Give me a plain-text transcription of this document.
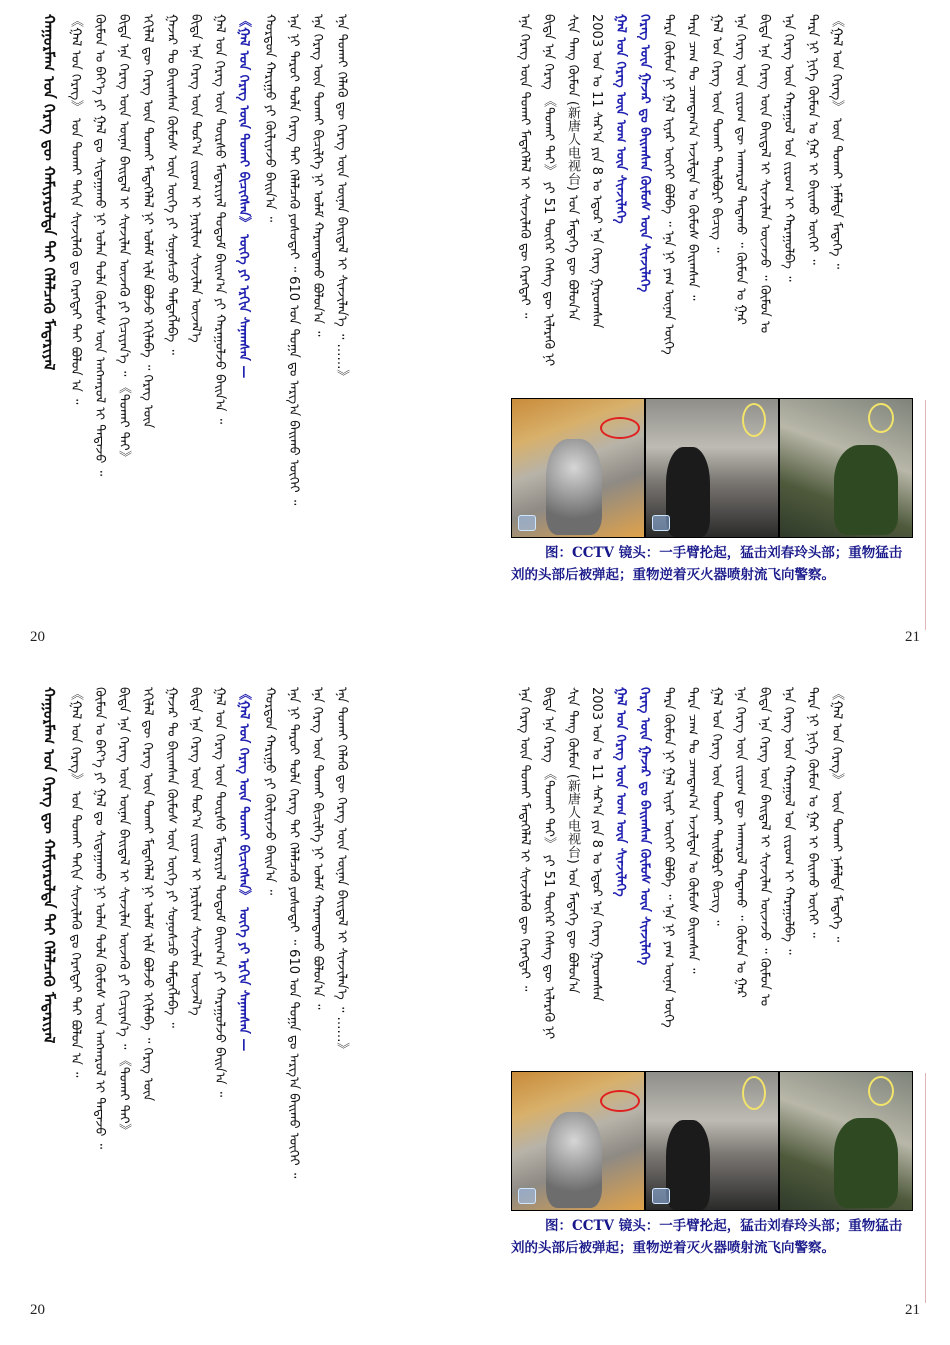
ᠬᠠᠭᠤᠷᠮᠠᠭ ᠤᠨ ᠬᠡᠷᠡᠭ ᠳᠦ ᠬᠠᠮᠢᠶᠠᠷᠤᠯᠲᠠ ᠲᠠᠢ ᠬᠡᠯᠡᠯᠴᠡᠬᠦ ᠮᠠᠲᠠᠷᠢᠶᠠᠯ 《ᠭᠠᠯ ᠤᠨ ᠬᠡᠷᠡᠭ》 ᠤᠨ ᠲᠤᠬᠠᠢ ᠳᠠᠬᠢᠨ ᠰᠢᠨᠵᠢᠯᠡᠬᠦ ᠳᠤ ᠬᠡᠷᠡᠭᠲᠡᠢ ᠲᠠᠢ ᠪᠤᠯᠤᠨ ᠠ ᠃ ᠬᠦᠮᠦᠨ ᠤ ᠪᠡᠶ᠎ᠡ ᠶᠢ ᠭᠠᠯ ᠳᠤ ᠰᠢᠲᠠᠭᠠᠬᠤ ᠨᠢ ᠣᠯᠠᠨ ᠲᠤᠯᠠ ᠬᠦᠮᠦᠰ ᠦᠨ ᠠᠩᠬᠠᠷᠤᠯ ᠢ ᠲᠠᠲᠠᠵᠤ ᠃ ᠪᠢᠳᠡ ᠡᠨᠡ ᠬᠡᠷᠡᠭ ᠦᠨ ᠦᠨᠡᠨ ᠪᠠᠢᠳᠠᠯ ᠢ ᠰᠢᠨᠵᠢᠯᠡᠨ ᠦᠵᠡᠬᠦ ᠶᠢ ᠬᠢᠴᠢᠶᠡᠨ᠎ᠡ ᠃ 《ᠲᠤᠬᠠᠢ ᠲᠠᠢ》 ᠡᠬᠢᠯᠡᠯ ᠳᠦ ᠬᠡᠷᠡᠭ ᠦᠨ ᠲᠤᠬᠠᠢ ᠮᠡᠳᠡᠭᠡᠯᠡᠯ ᠨᠢ ᠤᠯᠠᠮ ᠢᠯᠡ ᠪᠣᠯᠵᠤ ᠡᠬᠢᠯᠡᠪᠡ ᠃ ᠬᠡᠷᠡᠭ ᠦᠨ ᠭᠠᠵᠠᠷ ᠲᠤ ᠪᠠᠢᠭᠰᠠᠨ ᠬᠦᠮᠦᠰ ᠦᠨ ᠦᠭᠡ ᠶᠢ ᠰᠣᠨᠣᠰᠴᠤ ᠲᠡᠮᠳᠡᠭᠯᠡᠪᠡ ᠃ ᠪᠢᠳᠡ ᠡᠨᠡ ᠬᠡᠷᠡᠭ ᠦᠨ ᠳᠤᠷ᠎ᠠ ᠵᠢᠷᠤᠭ ᠢ ᠨᠠᠷᠢᠯᠢᠭ ᠰᠢᠨᠵᠢᠯᠡᠨ ᠦᠵᠡᠯ᠎ᠡ ᠭᠠᠯ ᠤᠨ ᠬᠡᠷᠡᠭ ᠦᠨ ᠳᠦᠷᠰᠦ ᠮᠠᠲᠠᠷᠢᠶᠠᠯ ᠳᠤᠲᠤᠮ ᠪᠠᠢᠭ᠎ᠠ ᠶᠢ ᠬᠠᠷᠠᠭᠤᠯᠵᠤ ᠪᠠᠢᠨ᠎ᠠ ᠃ 《ᠭᠠᠯ ᠤᠨ ᠬᠡᠷᠡᠭ ᠦᠨ ᠲᠤᠬᠠᠢ ᠪᠢᠴᠢᠭᠰᠡᠨ》 ᠦᠭᠡ ᠶᠢ ᠡᠷᠭᠢᠨ ᠰᠠᠨᠠᠭᠰᠠᠨ — ᠬᠤᠷᠳᠤᠨ ᠬᠠᠷᠢᠭᠤ ᠶᠢ ᠬᠦᠯᠢᠶᠡᠵᠦ ᠪᠠᠢᠨ᠎ᠠ ᠃ ᠡᠨᠡ ᠨᠢ ᠳᠠᠷᠤᠢ ᠲᠤᠯᠠ ᠬᠡᠷᠡᠭ ᠲᠡᠢ ᠬᠡᠯᠡᠯᠴᠡᠬᠦ ᠶᠤᠰᠤᠲᠠᠢ ᠃ 610 ᠤᠨ ᠲᠣᠭᠠ ᠳᠤ ᠠᠷᠭ᠎ᠠ ᠪᠠᠢᠬᠤ ᠦᠭᠡᠢ ᠃ ᠡᠨᠡ ᠬᠡᠷᠡᠭ ᠦᠨ ᠲᠤᠬᠠᠢ ᠪᠢᠴᠢᠯᠭᠡ ᠨᠢ ᠤᠯᠠᠮ ᠬᠠᠷᠠᠭᠳᠠᠬᠤ ᠪᠣᠯᠤᠨ᠎ᠠ ᠃ ᠡᠨᠡ ᠲᠤᠬᠠᠢ ᠬᠡᠯᠡᠬᠦ ᠳᠦ ᠬᠡᠷᠡᠭ ᠦᠨ ᠦᠨᠡᠨ ᠪᠠᠢᠳᠠᠯ ᠢ ᠰᠢᠨᠵᠢᠯᠡᠨ᠎ᠡ ᠃ ……》
20
ᠡᠨᠡ ᠬᠡᠷᠡᠭ ᠦᠨ ᠲᠤᠬᠠᠢ ᠮᠡᠳᠡᠭᠡᠯᠡᠯ ᠢ ᠰᠢᠨᠵᠢᠯᠡᠬᠦ ᠳᠦ ᠬᠡᠷᠡᠭᠲᠡᠢ ᠃ ᠪᠢᠳᠡ ᠡᠨᠡ ᠬᠡᠷᠡᠭ 《ᠲᠤᠬᠠᠢ ᠲᠠᠢ》 ᠶᠢ 51 ᠳᠦᠭᠡᠷ ᠬᠡᠰᠡᠭ ᠳᠦ ᠢᠯᠡᠷᠡᠬᠦ ᠨᠢ ᠰᠢᠨ ᠲᠠᠩ ᠬᠦᠮᠦᠨ (新唐人电视台) ᠤᠨ ᠮᠡᠳᠡᠭᠡ ᠳᠦ ᠪᠣᠯᠤᠨ᠎ᠠ 2003 ᠣᠨ ᠤ 11 ᠰᠠᠷ᠎ᠠ ᠶᠢᠨ 8 ᠤ ᠡᠳᠦᠷ ᠡᠨᠡ ᠬᠡᠷᠡᠭ ᠭᠠᠷᠤᠭᠰᠠᠨ ᠭᠠᠯ ᠤᠨ ᠬᠡᠷᠡᠭ ᠦᠨ ᠤᠭ ᠦᠨ ᠰᠢᠨᠵᠢᠯᠡᠭᠡ ᠬᠡᠷᠡᠭ ᠦᠨ ᠭᠠᠵᠠᠷ ᠳᠤ ᠪᠠᠢᠭᠰᠠᠨ ᠬᠦᠮᠦᠰ ᠦᠨ ᠰᠢᠨᠵᠢᠯᠡᠭᠡ ᠲᠡᠷᠡ ᠬᠦᠮᠦᠨ ᠨᠢ ᠭᠠᠯ ᠢᠶᠠᠷ ᠦᠭᠡᠢ ᠪᠣᠯᠪᠠ ᠃ ᠡᠨᠡ ᠨᠢ ᠶᠠᠭ ᠦᠨᠡᠨ ᠦᠭᠡ ᠲᠡᠷᠡ ᠴᠠᠭ ᠲᠤ ᠴᠠᠭᠳᠠᠭ᠎ᠠ ᠠᠵᠢᠯᠳᠠᠨ ᠤ ᠬᠦᠮᠦᠰ ᠪᠠᠢᠭᠰᠠᠨ ᠃ ᠭᠠᠯ ᠤᠨ ᠬᠡᠷᠡᠭ ᠦᠨ ᠲᠤᠬᠠᠢ ᠲᠠᠢᠯᠪᠤᠷᠢ ᠪᠢᠴᠢᠭ ᠃ ᠡᠨᠡ ᠬᠡᠷᠡᠭ ᠦᠨ ᠵᠢᠷᠤᠭ ᠳᠦ ᠠᠨᠬᠠᠷᠤᠯ ᠲᠠᠲᠠᠬᠤ ᠃ ᠬᠦᠮᠦᠨ ᠤ ᠭᠠᠷ ᠪᠢᠳᠡ ᠡᠨᠡ ᠬᠡᠷᠡᠭ ᠦᠨ ᠪᠠᠢᠳᠠᠯ ᠢ ᠰᠢᠨᠵᠢᠯᠡᠨ ᠦᠵᠡᠵᠦ ᠃ ᠬᠦᠮᠦᠨ ᠤ ᠡᠨᠡ ᠬᠡᠷᠡᠭ ᠦᠨ ᠬᠠᠷᠠᠭᠤᠯ ᠤᠨ ᠵᠢᠷᠤᠭ ᠢ ᠬᠠᠷᠠᠭᠤᠯᠪᠠ ᠃ ᠲᠡᠷᠡ ᠨᠢ ᠨᠢᠭᠡ ᠬᠦᠮᠦᠨ ᠤ ᠭᠠᠷ ᠢ ᠪᠠᠢᠬᠤ ᠦᠭᠡᠢ ᠃ 《ᠭᠠᠯ ᠤᠨ ᠬᠡᠷᠡᠭ》 ᠦᠨ ᠲᠤᠬᠠᠢ ᠨᠡᠮᠡᠯᠲᠡ ᠮᠡᠳᠡᠭᠡ ᠃
图：CCTV 镜头：一手臂抡起，猛击刘春玲头部；重物猛击刘的头部后被弹起；重物逆着灭火器喷射流飞向警察。
21
ᠬᠠᠭᠤᠷᠮᠠᠭ ᠤᠨ ᠬᠡᠷᠡᠭ ᠳᠦ ᠬᠠᠮᠢᠶᠠᠷᠤᠯᠲᠠ ᠲᠠᠢ ᠬᠡᠯᠡᠯᠴᠡᠬᠦ ᠮᠠᠲᠠᠷᠢᠶᠠᠯ 《ᠭᠠᠯ ᠤᠨ ᠬᠡᠷᠡᠭ》 ᠤᠨ ᠲᠤᠬᠠᠢ ᠳᠠᠬᠢᠨ ᠰᠢᠨᠵᠢᠯᠡᠬᠦ ᠳᠤ ᠬᠡᠷᠡᠭᠲᠡᠢ ᠲᠠᠢ ᠪᠤᠯᠤᠨ ᠠ ᠃ ᠬᠦᠮᠦᠨ ᠤ ᠪᠡᠶ᠎ᠡ ᠶᠢ ᠭᠠᠯ ᠳᠤ ᠰᠢᠲᠠᠭᠠᠬᠤ ᠨᠢ ᠣᠯᠠᠨ ᠲᠤᠯᠠ ᠬᠦᠮᠦᠰ ᠦᠨ ᠠᠩᠬᠠᠷᠤᠯ ᠢ ᠲᠠᠲᠠᠵᠤ ᠃ ᠪᠢᠳᠡ ᠡᠨᠡ ᠬᠡᠷᠡᠭ ᠦᠨ ᠦᠨᠡᠨ ᠪᠠᠢᠳᠠᠯ ᠢ ᠰᠢᠨᠵᠢᠯᠡᠨ ᠦᠵᠡᠬᠦ ᠶᠢ ᠬᠢᠴᠢᠶᠡᠨ᠎ᠡ ᠃ 《ᠲᠤᠬᠠᠢ ᠲᠠᠢ》 ᠡᠬᠢᠯᠡᠯ ᠳᠦ ᠬᠡᠷᠡᠭ ᠦᠨ ᠲᠤᠬᠠᠢ ᠮᠡᠳᠡᠭᠡᠯᠡᠯ ᠨᠢ ᠤᠯᠠᠮ ᠢᠯᠡ ᠪᠣᠯᠵᠤ ᠡᠬᠢᠯᠡᠪᠡ ᠃ ᠬᠡᠷᠡᠭ ᠦᠨ ᠭᠠᠵᠠᠷ ᠲᠤ ᠪᠠᠢᠭᠰᠠᠨ ᠬᠦᠮᠦᠰ ᠦᠨ ᠦᠭᠡ ᠶᠢ ᠰᠣᠨᠣᠰᠴᠤ ᠲᠡᠮᠳᠡᠭᠯᠡᠪᠡ ᠃ ᠪᠢᠳᠡ ᠡᠨᠡ ᠬᠡᠷᠡᠭ ᠦᠨ ᠳᠤᠷ᠎ᠠ ᠵᠢᠷᠤᠭ ᠢ ᠨᠠᠷᠢᠯᠢᠭ ᠰᠢᠨᠵᠢᠯᠡᠨ ᠦᠵᠡᠯ᠎ᠡ ᠭᠠᠯ ᠤᠨ ᠬᠡᠷᠡᠭ ᠦᠨ ᠳᠦᠷᠰᠦ ᠮᠠᠲᠠᠷᠢᠶᠠᠯ ᠳᠤᠲᠤᠮ ᠪᠠᠢᠭ᠎ᠠ ᠶᠢ ᠬᠠᠷᠠᠭᠤᠯᠵᠤ ᠪᠠᠢᠨ᠎ᠠ ᠃ 《ᠭᠠᠯ ᠤᠨ ᠬᠡᠷᠡᠭ ᠦᠨ ᠲᠤᠬᠠᠢ ᠪᠢᠴᠢᠭᠰᠡᠨ》 ᠦᠭᠡ ᠶᠢ ᠡᠷᠭᠢᠨ ᠰᠠᠨᠠᠭᠰᠠᠨ — ᠬᠤᠷᠳᠤᠨ ᠬᠠᠷᠢᠭᠤ ᠶᠢ ᠬᠦᠯᠢᠶᠡᠵᠦ ᠪᠠᠢᠨ᠎ᠠ ᠃ ᠡᠨᠡ ᠨᠢ ᠳᠠᠷᠤᠢ ᠲᠤᠯᠠ ᠬᠡᠷᠡᠭ ᠲᠡᠢ ᠬᠡᠯᠡᠯᠴᠡᠬᠦ ᠶᠤᠰᠤᠲᠠᠢ ᠃ 610 ᠤᠨ ᠲᠣᠭᠠ ᠳᠤ ᠠᠷᠭ᠎ᠠ ᠪᠠᠢᠬᠤ ᠦᠭᠡᠢ ᠃ ᠡᠨᠡ ᠬᠡᠷᠡᠭ ᠦᠨ ᠲᠤᠬᠠᠢ ᠪᠢᠴᠢᠯᠭᠡ ᠨᠢ ᠤᠯᠠᠮ ᠬᠠᠷᠠᠭᠳᠠᠬᠤ ᠪᠣᠯᠤᠨ᠎ᠠ ᠃ ᠡᠨᠡ ᠲᠤᠬᠠᠢ ᠬᠡᠯᠡᠬᠦ ᠳᠦ ᠬᠡᠷᠡᠭ ᠦᠨ ᠦᠨᠡᠨ ᠪᠠᠢᠳᠠᠯ ᠢ ᠰᠢᠨᠵᠢᠯᠡᠨ᠎ᠡ ᠃ ……》
20
ᠡᠨᠡ ᠬᠡᠷᠡᠭ ᠦᠨ ᠲᠤᠬᠠᠢ ᠮᠡᠳᠡᠭᠡᠯᠡᠯ ᠢ ᠰᠢᠨᠵᠢᠯᠡᠬᠦ ᠳᠦ ᠬᠡᠷᠡᠭᠲᠡᠢ ᠃ ᠪᠢᠳᠡ ᠡᠨᠡ ᠬᠡᠷᠡᠭ 《ᠲᠤᠬᠠᠢ ᠲᠠᠢ》 ᠶᠢ 51 ᠳᠦᠭᠡᠷ ᠬᠡᠰᠡᠭ ᠳᠦ ᠢᠯᠡᠷᠡᠬᠦ ᠨᠢ ᠰᠢᠨ ᠲᠠᠩ ᠬᠦᠮᠦᠨ (新唐人电视台) ᠤᠨ ᠮᠡᠳᠡᠭᠡ ᠳᠦ ᠪᠣᠯᠤᠨ᠎ᠠ 2003 ᠣᠨ ᠤ 11 ᠰᠠᠷ᠎ᠠ ᠶᠢᠨ 8 ᠤ ᠡᠳᠦᠷ ᠡᠨᠡ ᠬᠡᠷᠡᠭ ᠭᠠᠷᠤᠭᠰᠠᠨ ᠭᠠᠯ ᠤᠨ ᠬᠡᠷᠡᠭ ᠦᠨ ᠤᠭ ᠦᠨ ᠰᠢᠨᠵᠢᠯᠡᠭᠡ ᠬᠡᠷᠡᠭ ᠦᠨ ᠭᠠᠵᠠᠷ ᠳᠤ ᠪᠠᠢᠭᠰᠠᠨ ᠬᠦᠮᠦᠰ ᠦᠨ ᠰᠢᠨᠵᠢᠯᠡᠭᠡ ᠲᠡᠷᠡ ᠬᠦᠮᠦᠨ ᠨᠢ ᠭᠠᠯ ᠢᠶᠠᠷ ᠦᠭᠡᠢ ᠪᠣᠯᠪᠠ ᠃ ᠡᠨᠡ ᠨᠢ ᠶᠠᠭ ᠦᠨᠡᠨ ᠦᠭᠡ ᠲᠡᠷᠡ ᠴᠠᠭ ᠲᠤ ᠴᠠᠭᠳᠠᠭ᠎ᠠ ᠠᠵᠢᠯᠳᠠᠨ ᠤ ᠬᠦᠮᠦᠰ ᠪᠠᠢᠭᠰᠠᠨ ᠃ ᠭᠠᠯ ᠤᠨ ᠬᠡᠷᠡᠭ ᠦᠨ ᠲᠤᠬᠠᠢ ᠲᠠᠢᠯᠪᠤᠷᠢ ᠪᠢᠴᠢᠭ ᠃ ᠡᠨᠡ ᠬᠡᠷᠡᠭ ᠦᠨ ᠵᠢᠷᠤᠭ ᠳᠦ ᠠᠨᠬᠠᠷᠤᠯ ᠲᠠᠲᠠᠬᠤ ᠃ ᠬᠦᠮᠦᠨ ᠤ ᠭᠠᠷ ᠪᠢᠳᠡ ᠡᠨᠡ ᠬᠡᠷᠡᠭ ᠦᠨ ᠪᠠᠢᠳᠠᠯ ᠢ ᠰᠢᠨᠵᠢᠯᠡᠨ ᠦᠵᠡᠵᠦ ᠃ ᠬᠦᠮᠦᠨ ᠤ ᠡᠨᠡ ᠬᠡᠷᠡᠭ ᠦᠨ ᠬᠠᠷᠠᠭᠤᠯ ᠤᠨ ᠵᠢᠷᠤᠭ ᠢ ᠬᠠᠷᠠᠭᠤᠯᠪᠠ ᠃ ᠲᠡᠷᠡ ᠨᠢ ᠨᠢᠭᠡ ᠬᠦᠮᠦᠨ ᠤ ᠭᠠᠷ ᠢ ᠪᠠᠢᠬᠤ ᠦᠭᠡᠢ ᠃ 《ᠭᠠᠯ ᠤᠨ ᠬᠡᠷᠡᠭ》 ᠦᠨ ᠲᠤᠬᠠᠢ ᠨᠡᠮᠡᠯᠲᠡ ᠮᠡᠳᠡᠭᠡ ᠃
图：CCTV 镜头：一手臂抡起，猛击刘春玲头部；重物猛击刘的头部后被弹起；重物逆着灭火器喷射流飞向警察。
21
